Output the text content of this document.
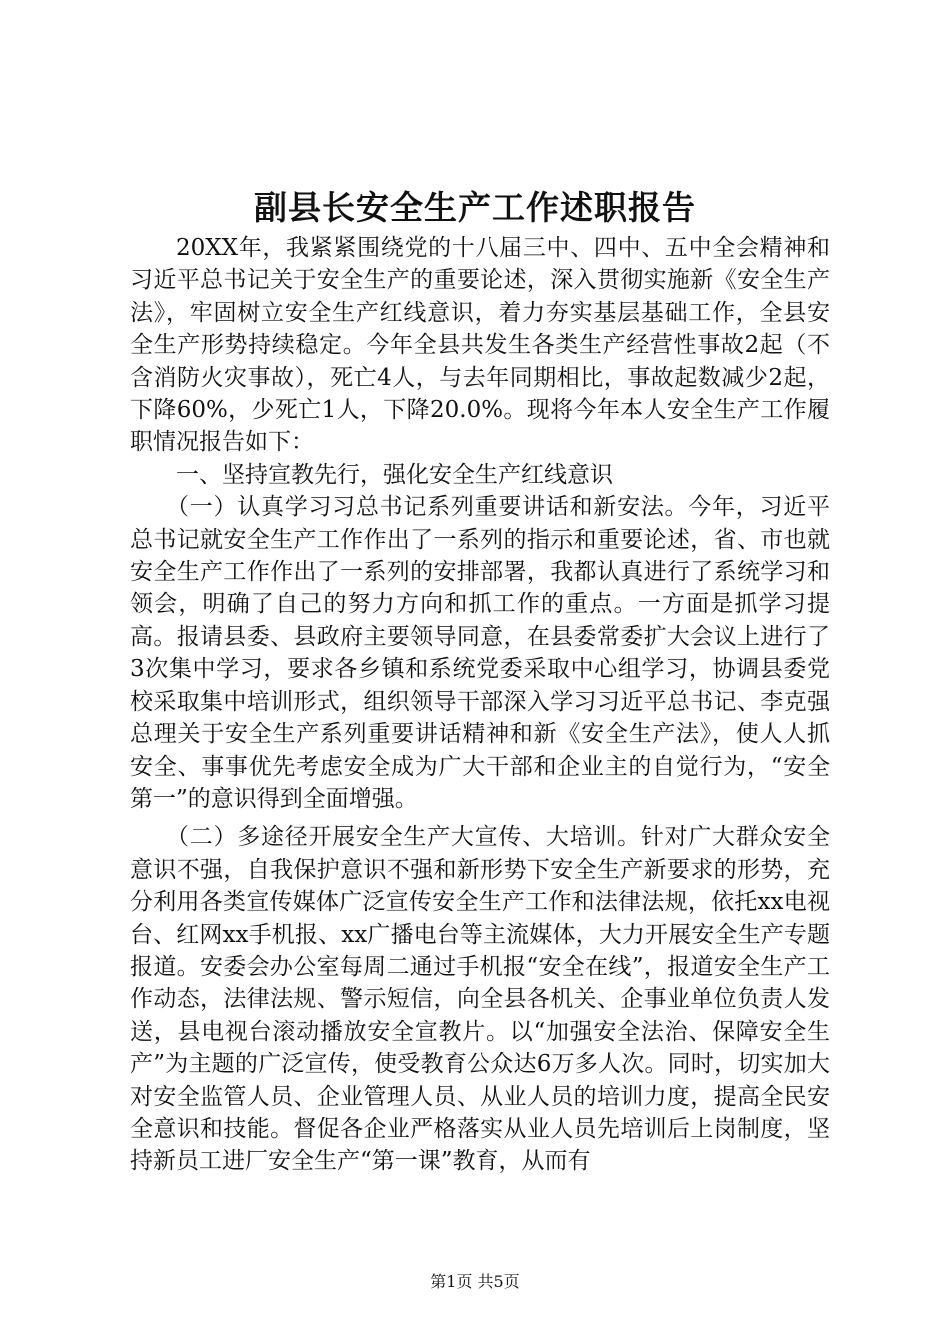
副县长安全生产工作述职报告

20XX年，我紧紧围绕党的十八届三中、四中、五中全会精神和习近平总书记关于安全生产的重要论述，深入贯彻实施新《安全生产法》，牢固树立安全生产红线意识，着力夯实基层基础工作，全县安全生产形势持续稳定。今年全县共发生各类生产经营性事故2起（不含消防火灾事故），死亡4人，与去年同期相比，事故起数减少2起，下降60%，少死亡1人，下降20.0%。现将今年本人安全生产工作履职情况报告如下：

一、坚持宣教先行，强化安全生产红线意识

（一）认真学习习总书记系列重要讲话和新安法。今年，习近平总书记就安全生产工作作出了一系列的指示和重要论述，省、市也就安全生产工作作出了一系列的安排部署，我都认真进行了系统学习和领会，明确了自己的努力方向和抓工作的重点。一方面是抓学习提高。报请县委、县政府主要领导同意，在县委常委扩大会议上进行了3次集中学习，要求各乡镇和系统党委采取中心组学习，协调县委党校采取集中培训形式，组织领导干部深入学习习近平总书记、李克强总理关于安全生产系列重要讲话精神和新《安全生产法》，使人人抓安全、事事优先考虑安全成为广大干部和企业主的自觉行为，“安全第一”的意识得到全面增强。

（二）多途径开展安全生产大宣传、大培训。针对广大群众安全意识不强，自我保护意识不强和新形势下安全生产新要求的形势，充分利用各类宣传媒体广泛宣传安全生产工作和法律法规，依托xx电视台、红网xx手机报、xx广播电台等主流媒体，大力开展安全生产专题报道。安委会办公室每周二通过手机报“安全在线”，报道安全生产工作动态，法律法规、警示短信，向全县各机关、企事业单位负责人发送，县电视台滚动播放安全宣教片。以“加强安全法治、保障安全生产”为主题的广泛宣传，使受教育公众达6万多人次。同时，切实加大对安全监管人员、企业管理人员、从业人员的培训力度，提高全民安全意识和技能。督促各企业严格落实从业人员先培训后上岗制度，坚持新员工进厂安全生产“第一课”教育，从而有

第1页 共5页
